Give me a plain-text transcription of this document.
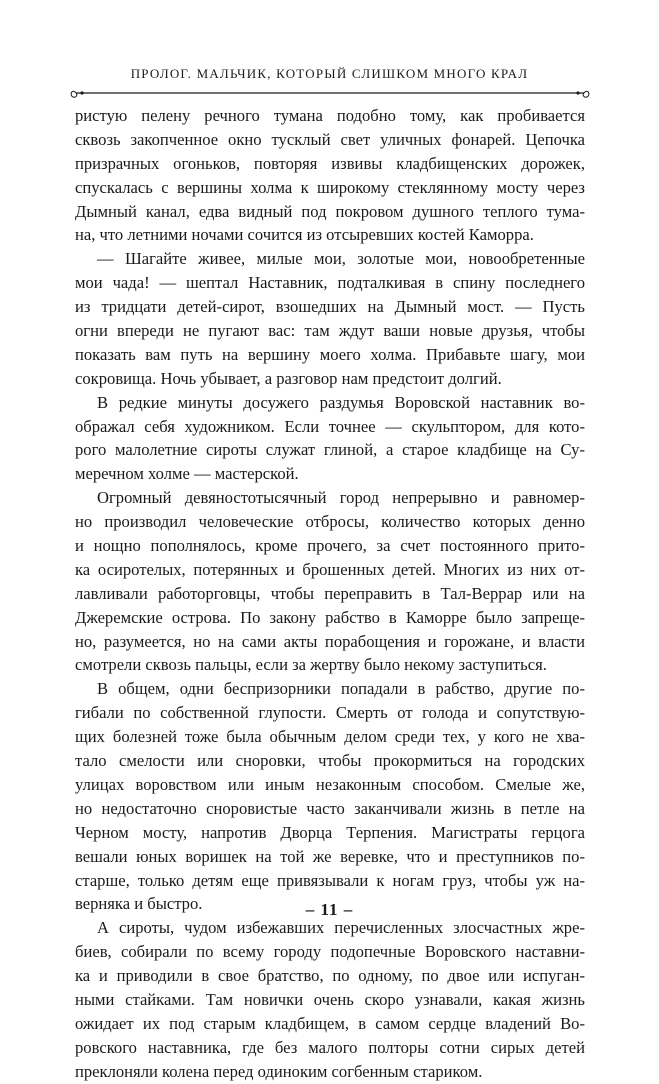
ПРОЛОГ. МАЛЬЧИК, КОТОРЫЙ СЛИШКОМ МНОГО КРАЛ
ристую пелену речного тумана подобно тому, как пробивается
сквозь закопченное окно тусклый свет уличных фонарей. Цепочка
призрачных огоньков, повторяя извивы кладбищенских дорожек,
спускалась с вершины холма к широкому стеклянному мосту через
Дымный канал, едва видный под покровом душного теплого тума-
на, что летними ночами сочится из отсыревших костей Каморра.
— Шагайте живее, милые мои, золотые мои, новообретенные
мои чада! — шептал Наставник, подталкивая в спину последнего
из тридцати детей-сирот, взошедших на Дымный мост. — Пусть
огни впереди не пугают вас: там ждут ваши новые друзья, чтобы
показать вам путь на вершину моего холма. Прибавьте шагу, мои
сокровища. Ночь убывает, а разговор нам предстоит долгий.
В редкие минуты досужего раздумья Воровской наставник во-
ображал себя художником. Если точнее — скульптором, для кото-
рого малолетние сироты служат глиной, а старое кладбище на Су-
меречном холме — мастерской.
Огромный девяностотысячный город непрерывно и равномер-
но производил человеческие отбросы, количество которых денно
и нощно пополнялось, кроме прочего, за счет постоянного прито-
ка осиротелых, потерянных и брошенных детей. Многих из них от-
лавливали работорговцы, чтобы переправить в Тал-Веррар или на
Джеремские острова. По закону рабство в Каморре было запреще-
но, разумеется, но на сами акты порабощения и горожане, и власти
смотрели сквозь пальцы, если за жертву было некому заступиться.
В общем, одни беспризорники попадали в рабство, другие по-
гибали по собственной глупости. Смерть от голода и сопутствую-
щих болезней тоже была обычным делом среди тех, у кого не хва-
тало смелости или сноровки, чтобы прокормиться на городских
улицах воровством или иным незаконным способом. Смелые же,
но недостаточно сноровистые часто заканчивали жизнь в петле на
Черном мосту, напротив Дворца Терпения. Магистраты герцога
вешали юных воришек на той же веревке, что и преступников по-
старше, только детям еще привязывали к ногам груз, чтобы уж на-
верняка и быстро.
А сироты, чудом избежавших перечисленных злосчастных жре-
биев, собирали по всему городу подопечные Воровского наставни-
ка и приводили в свое братство, по одному, по двое или испуган-
ными стайками. Там новички очень скоро узнавали, какая жизнь
ожидает их под старым кладбищем, в самом сердце владений Во-
ровского наставника, где без малого полторы сотни сирых детей
преклоняли колена перед одиноким согбенным стариком.
– 11 –
